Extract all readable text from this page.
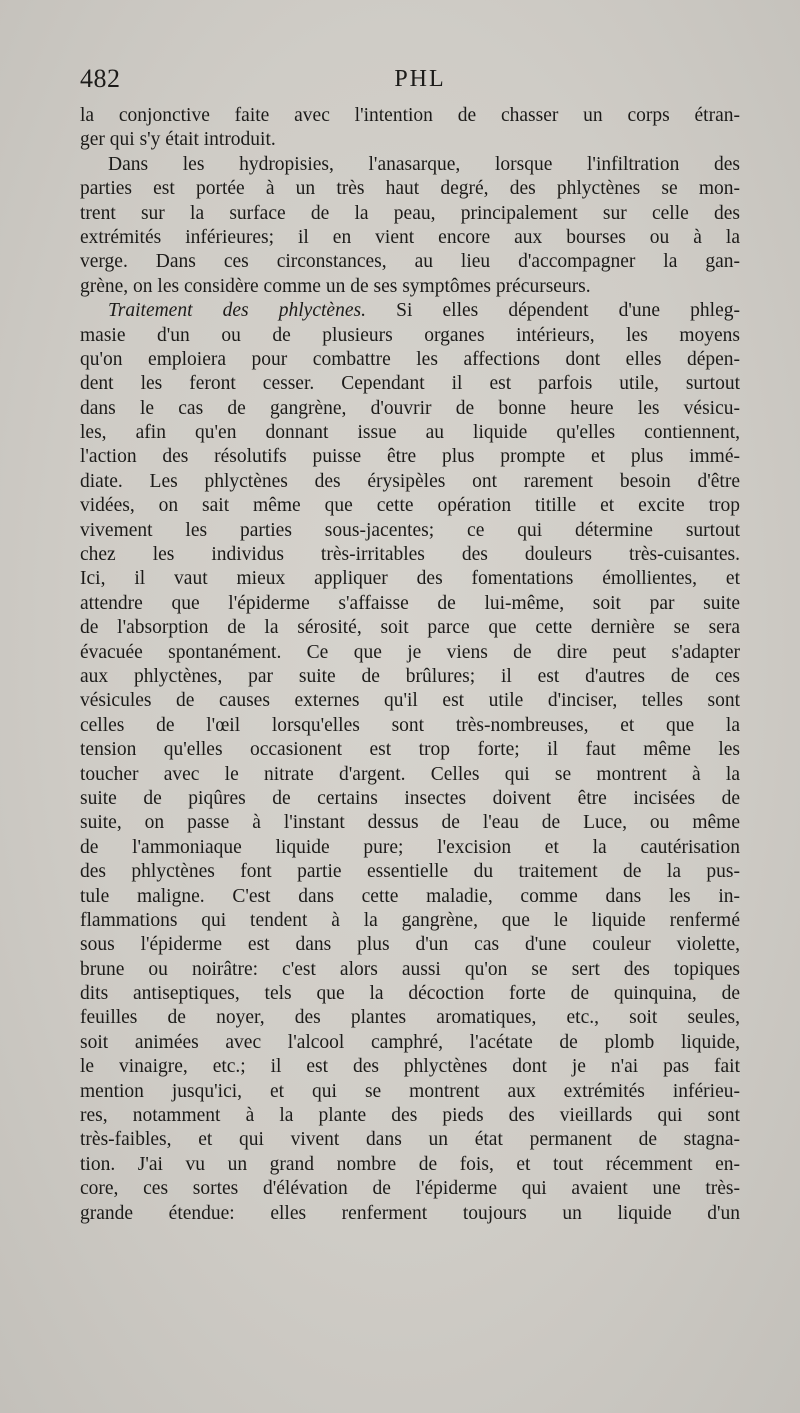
482	PHL
la conjonctive faite avec l'intention de chasser un corps étran-
ger qui s'y était introduit.
Dans les hydropisies, l'anasarque, lorsque l'infiltration des
parties est portée à un très haut degré, des phlyctènes se mon-
trent sur la surface de la peau, principalement sur celle des
extrémités inférieures; il en vient encore aux bourses ou à la
verge. Dans ces circonstances, au lieu d'accompagner la gan-
grène, on les considère comme un de ses symptômes précurseurs.
Traitement des phlyctènes. Si elles dépendent d'une phleg-
masie d'un ou de plusieurs organes intérieurs, les moyens
qu'on emploiera pour combattre les affections dont elles dépen-
dent les feront cesser. Cependant il est parfois utile, surtout
dans le cas de gangrène, d'ouvrir de bonne heure les vésicu-
les, afin qu'en donnant issue au liquide qu'elles contiennent,
l'action des résolutifs puisse être plus prompte et plus immé-
diate. Les phlyctènes des érysipèles ont rarement besoin d'être
vidées, on sait même que cette opération titille et excite trop
vivement les parties sous-jacentes; ce qui détermine surtout
chez les individus très-irritables des douleurs très-cuisantes.
Ici, il vaut mieux appliquer des fomentations émollientes, et
attendre que l'épiderme s'affaisse de lui-même, soit par suite
de l'absorption de la sérosité, soit parce que cette dernière se sera
évacuée spontanément. Ce que je viens de dire peut s'adapter
aux phlyctènes, par suite de brûlures; il est d'autres de ces
vésicules de causes externes qu'il est utile d'inciser, telles sont
celles de l'œil lorsqu'elles sont très-nombreuses, et que la
tension qu'elles occasionent est trop forte; il faut même les
toucher avec le nitrate d'argent. Celles qui se montrent à la
suite de piqûres de certains insectes doivent être incisées de
suite, on passe à l'instant dessus de l'eau de Luce, ou même
de l'ammoniaque liquide pure; l'excision et la cautérisation
des phlyctènes font partie essentielle du traitement de la pus-
tule maligne. C'est dans cette maladie, comme dans les in-
flammations qui tendent à la gangrène, que le liquide renfermé
sous l'épiderme est dans plus d'un cas d'une couleur violette,
brune ou noirâtre: c'est alors aussi qu'on se sert des topiques
dits antiseptiques, tels que la décoction forte de quinquina, de
feuilles de noyer, des plantes aromatiques, etc., soit seules,
soit animées avec l'alcool camphré, l'acétate de plomb liquide,
le vinaigre, etc.; il est des phlyctènes dont je n'ai pas fait
mention jusqu'ici, et qui se montrent aux extrémités inférieu-
res, notamment à la plante des pieds des vieillards qui sont
très-faibles, et qui vivent dans un état permanent de stagna-
tion. J'ai vu un grand nombre de fois, et tout récemment en-
core, ces sortes d'élévation de l'épiderme qui avaient une très-
grande étendue: elles renferment toujours un liquide d'un
